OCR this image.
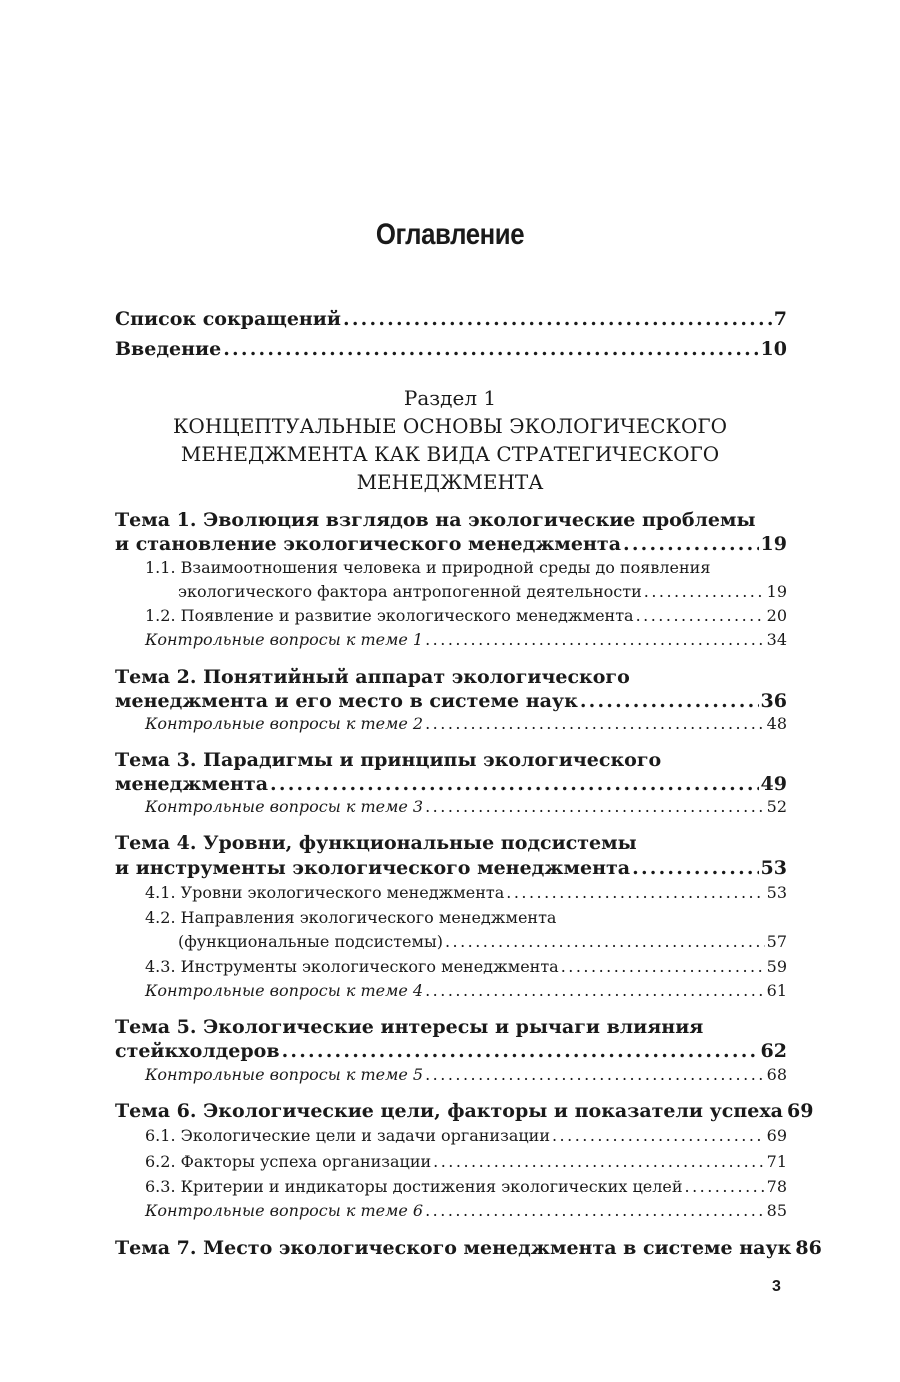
Оглавление
Список сокращений . . .	7
Введение . . .	10
Раздел 1
КОНЦЕПТУАЛЬНЫЕ ОСНОВЫ ЭКОЛОГИЧЕСКОГО
МЕНЕДЖМЕНТА КАК ВИДА СТРАТЕГИЧЕСКОГО
МЕНЕДЖМЕНТА
Тема 1. Эволюция взглядов на экологические проблемы
и становление экологического менеджмента . . .	19
1.1. Взаимоотношения человека и природной среды до появления
экологического фактора антропогенной деятельности . . .	19
1.2. Появление и развитие экологического менеджмента . . .	20
Контрольные вопросы к теме 1 . . .	34
Тема 2. Понятийный аппарат экологического
менеджмента и его место в системе наук . . .	36
Контрольные вопросы к теме 2 . . .	48
Тема 3. Парадигмы и принципы экологического
менеджмента . . .	49
Контрольные вопросы к теме 3 . . .	52
Тема 4. Уровни, функциональные подсистемы
и инструменты экологического менеджмента . . .	53
4.1. Уровни экологического менеджмента . . .	53
4.2. Направления экологического менеджмента
(функциональные подсистемы) . . .	57
4.3. Инструменты экологического менеджмента . . .	59
Контрольные вопросы к теме 4 . . .	61
Тема 5. Экологические интересы и рычаги влияния
стейкхолдеров . . .	62
Контрольные вопросы к теме 5 . . .	68
Тема 6. Экологические цели, факторы и показатели успеха 69
6.1. Экологические цели и задачи организации . . .	69
6.2. Факторы успеха организации . . .	71
6.3. Критерии и индикаторы достижения экологических целей . . .	78
Контрольные вопросы к теме 6 . . .	85
Тема 7. Место экологического менеджмента в системе наук 86
3
